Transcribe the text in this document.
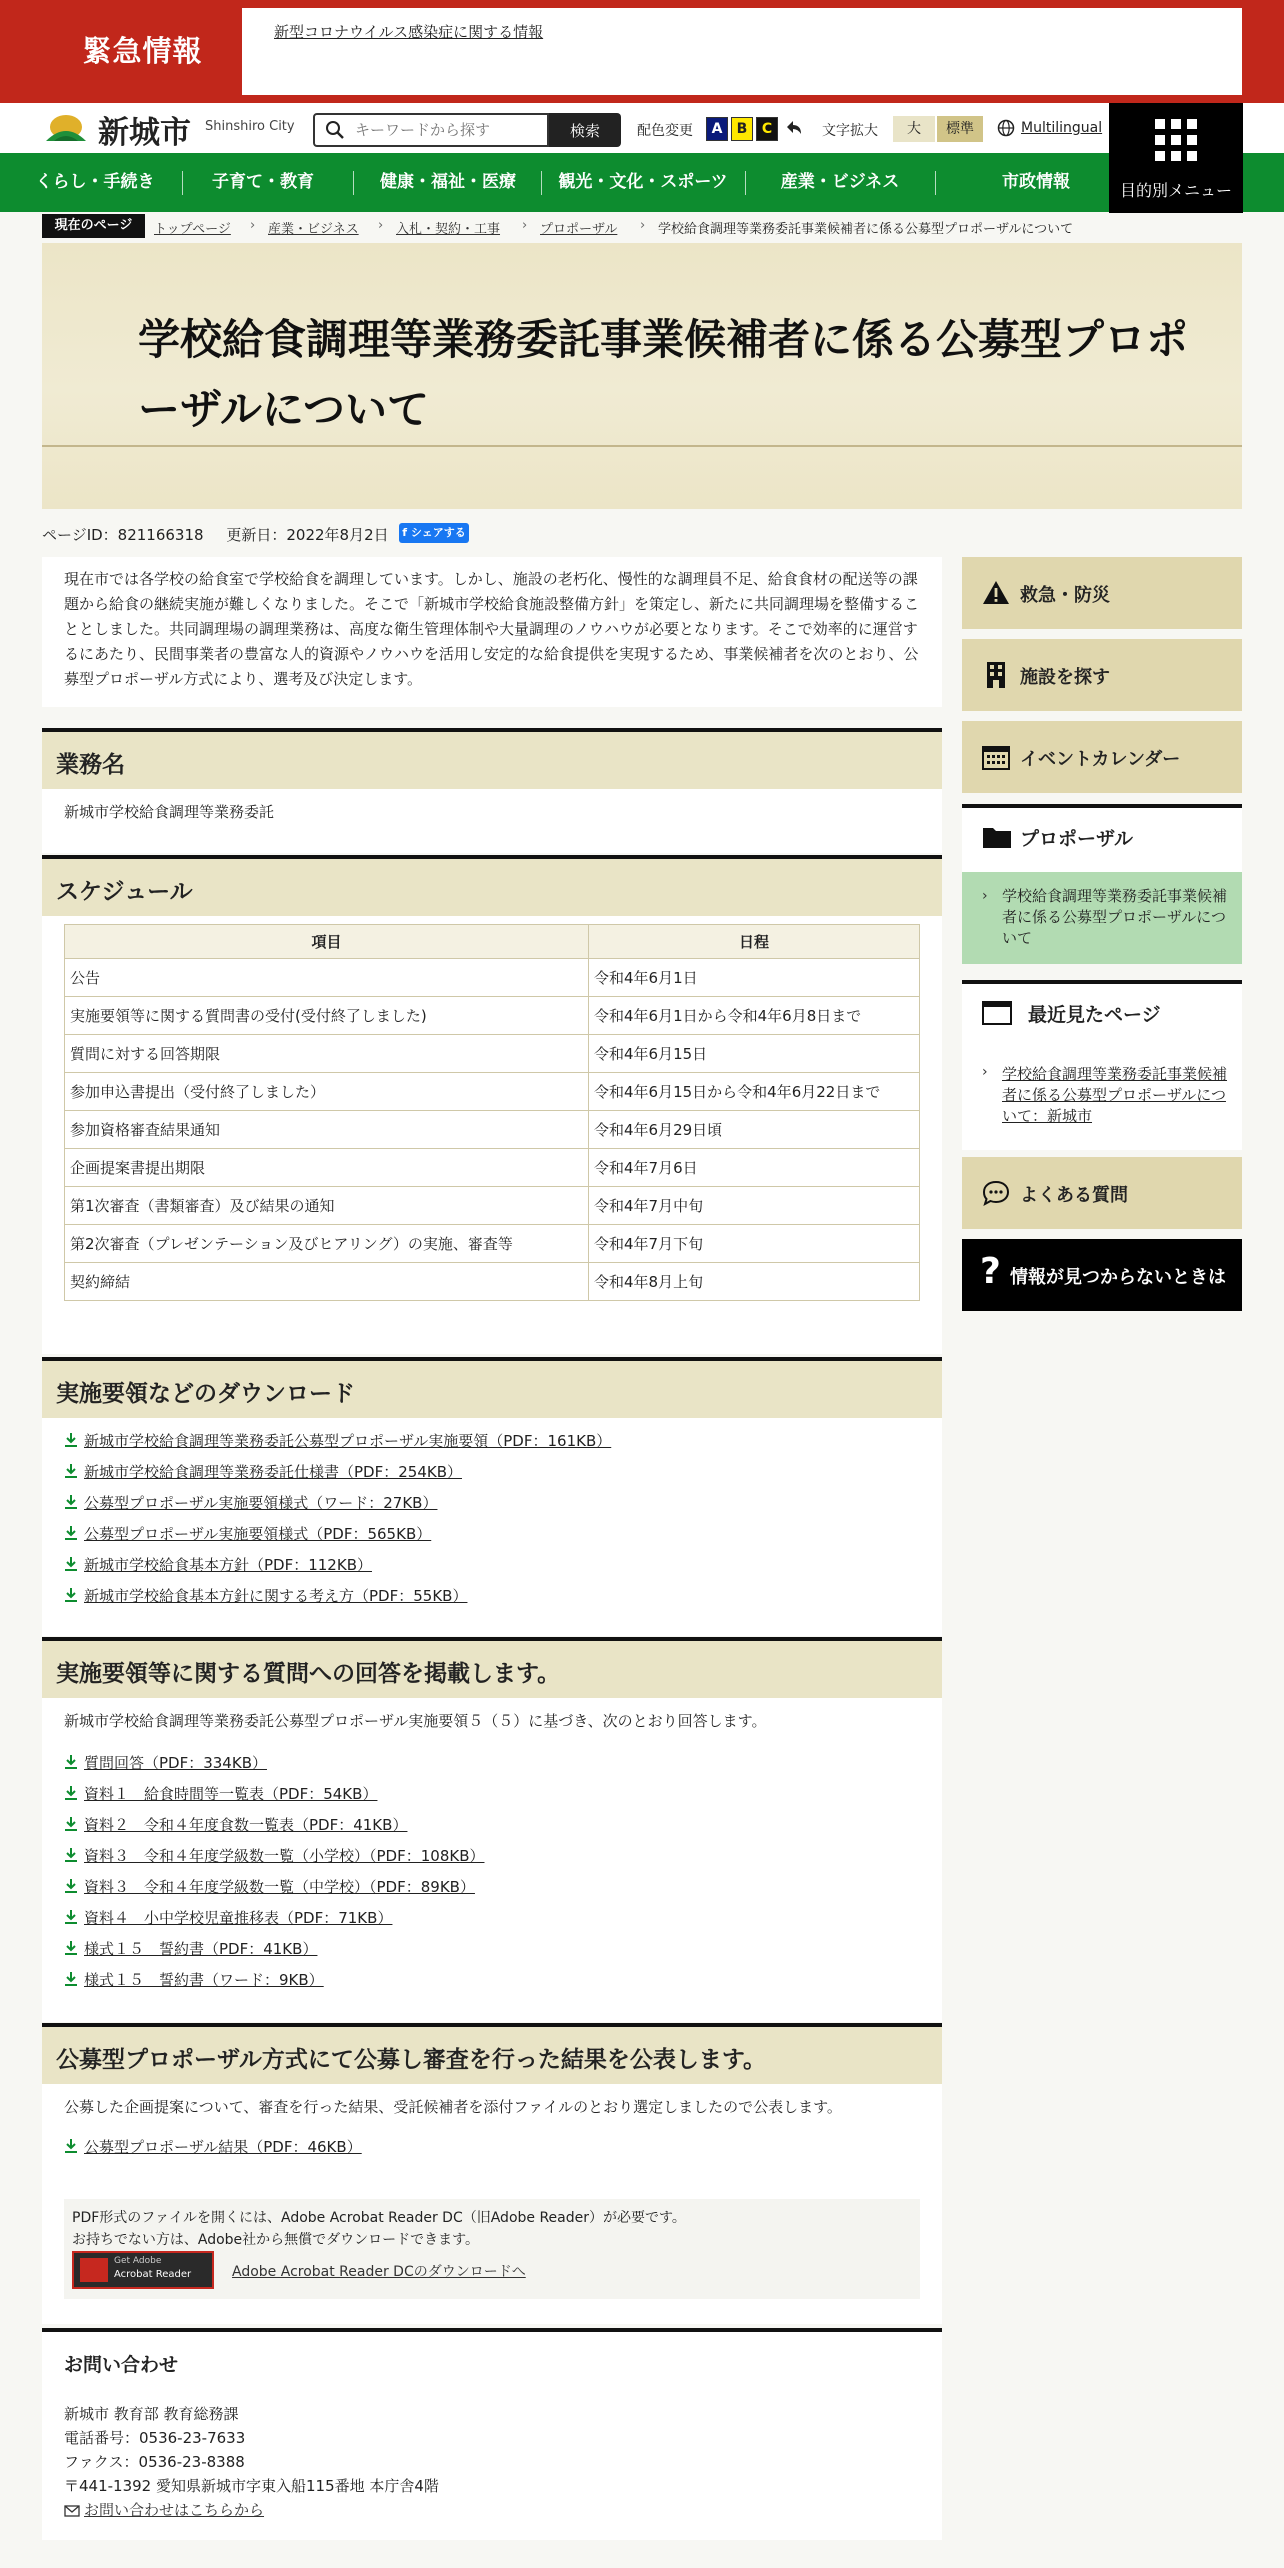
緊急情報
新型コロナウイルス感染症に関する情報
新城市 Shinshiro City
キーワードから探す	検索	配色変更	A	B	C	文字拡大	大	標準	Multilingual
目的別メニュー
くらし・手続き	子育て・教育	健康・福祉・医療	観光・文化・スポーツ	産業・ビジネス	市政情報
現在のページ	トップページ › 産業・ビジネス › 入札・契約・工事 › プロポーザル › 学校給食調理等業務委託事業候補者に係る公募型プロポーザルについて
学校給食調理等業務委託事業候補者に係る公募型プロポーザルについて
ページID：821166318 更新日：2022年8月2日 f シェアする
現在市では各学校の給食室で学校給食を調理しています。しかし、施設の老朽化、慢性的な調理員不足、給食食材の配送等の課題から給食の継続実施が難しくなりました。そこで「新城市学校給食施設整備方針」を策定し、新たに共同調理場を整備することとしました。共同調理場の調理業務は、高度な衛生管理体制や大量調理のノウハウが必要となります。そこで効率的に運営するにあたり、民間事業者の豊富な人的資源やノウハウを活用し安定的な給食提供を実現するため、事業候補者を次のとおり、公募型プロポーザル方式により、選考及び決定します。
業務名
新城市学校給食調理等業務委託
スケジュール
項目	日程
公告	令和4年6月1日
実施要領等に関する質問書の受付(受付終了しました)	令和4年6月1日から令和4年6月8日まで
質問に対する回答期限	令和4年6月15日
参加申込書提出（受付終了しました）	令和4年6月15日から令和4年6月22日まで
参加資格審査結果通知	令和4年6月29日頃
企画提案書提出期限	令和4年7月6日
第1次審査（書類審査）及び結果の通知	令和4年7月中旬
第2次審査（プレゼンテーション及びヒアリング）の実施、審査等	令和4年7月下旬
契約締結	令和4年8月上旬
実施要領などのダウンロード
新城市学校給食調理等業務委託公募型プロポーザル実施要領（PDF：161KB）
新城市学校給食調理等業務委託仕様書（PDF：254KB）
公募型プロポーザル実施要領様式（ワード：27KB）
公募型プロポーザル実施要領様式（PDF：565KB）
新城市学校給食基本方針（PDF：112KB）
新城市学校給食基本方針に関する考え方（PDF：55KB）
実施要領等に関する質問への回答を掲載します。
新城市学校給食調理等業務委託公募型プロポーザル実施要領５（５）に基づき、次のとおり回答します。
質問回答（PDF：334KB）
資料１　給食時間等一覧表（PDF：54KB）
資料２　令和４年度食数一覧表（PDF：41KB）
資料３　令和４年度学級数一覧（小学校）（PDF：108KB）
資料３　令和４年度学級数一覧（中学校）（PDF：89KB）
資料４　小中学校児童推移表（PDF：71KB）
様式１５　誓約書（PDF：41KB）
様式１５　誓約書（ワード：9KB）
公募型プロポーザル方式にて公募し審査を行った結果を公表します。
公募した企画提案について、審査を行った結果、受託候補者を添付ファイルのとおり選定しましたので公表します。
公募型プロポーザル結果（PDF：46KB）
PDF形式のファイルを開くには、Adobe Acrobat Reader DC（旧Adobe Reader）が必要です。
お持ちでない方は、Adobe社から無償でダウンロードできます。
Get Adobe
Acrobat Reader	Adobe Acrobat Reader DCのダウンロードへ
お問い合わせ
新城市 教育部 教育総務課
電話番号：0536-23-7633
ファクス：0536-23-8388
〒441-1392 愛知県新城市字東入船115番地 本庁舎4階
お問い合わせはこちらから
救急・防災
施設を探す
イベントカレンダー
プロポーザル
› 学校給食調理等業務委託事業候補者に係る公募型プロポーザルについて
最近見たページ
› 学校給食調理等業務委託事業候補者に係る公募型プロポーザルについて：新城市
よくある質問
? 情報が見つからないときは
